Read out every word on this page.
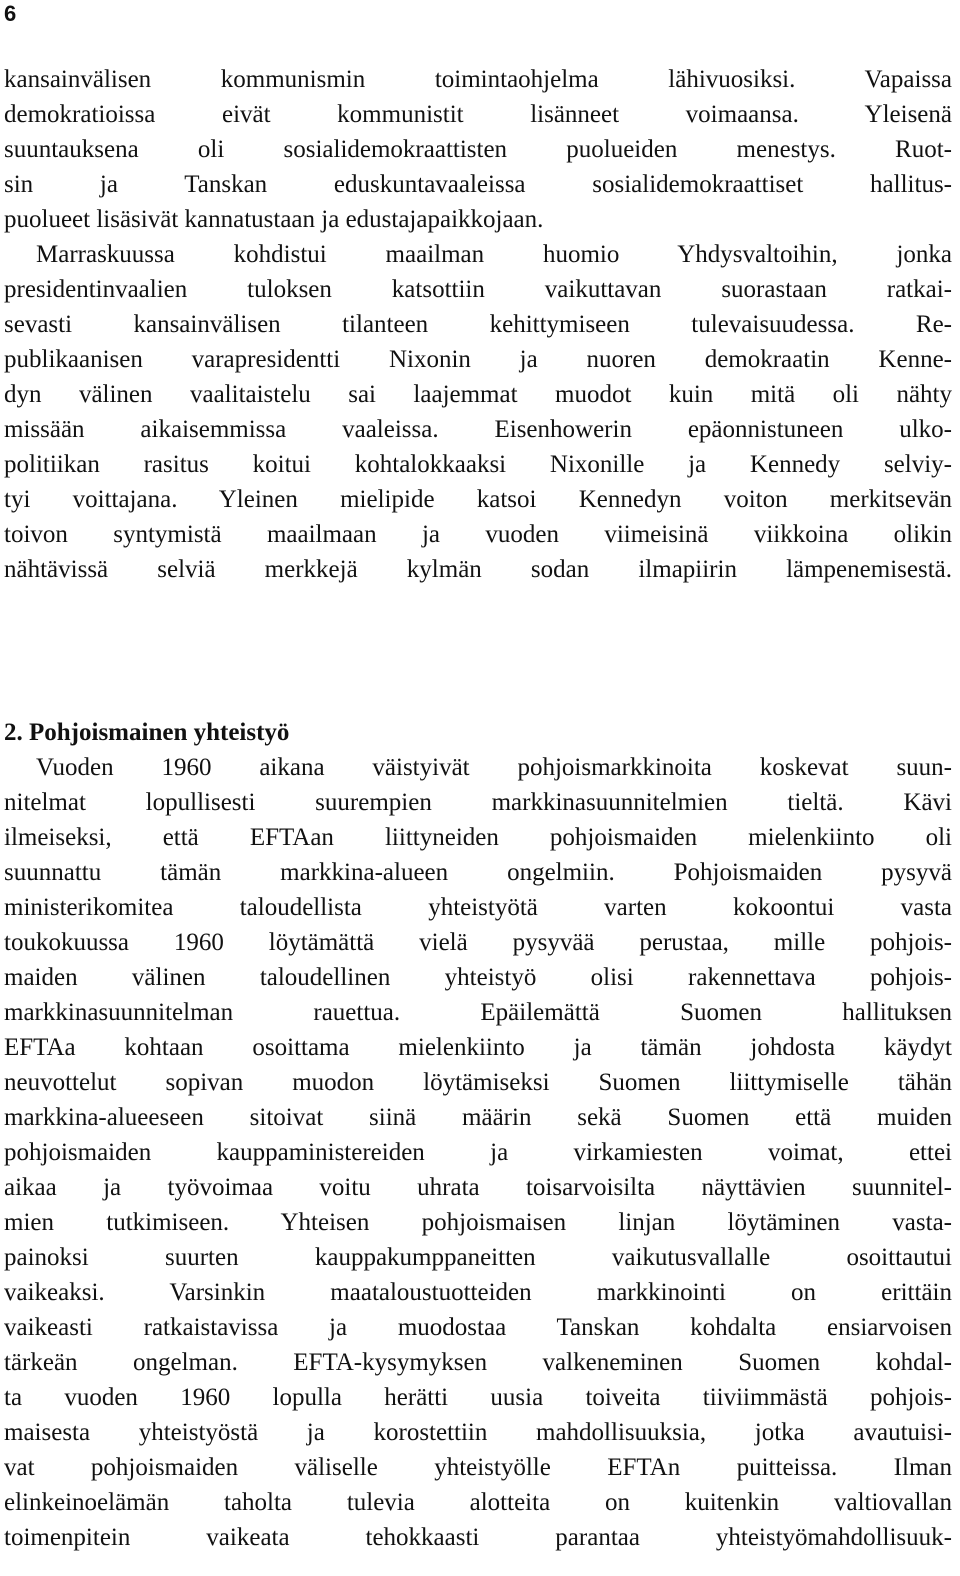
6
kansainvälisen kommunismin toimintaohjelma lähivuosiksi. Vapaissa
demokratioissa eivät kommunistit lisänneet voimaansa. Yleisenä
suuntauksena oli sosialidemokraattisten puolueiden menestys. Ruot-
sin ja Tanskan eduskuntavaaleissa sosialidemokraattiset hallitus-
puolueet lisäsivät kannatustaan ja edustajapaikkojaan.
Marraskuussa kohdistui maailman huomio Yhdysvaltoihin, jonka
presidentinvaalien tuloksen katsottiin vaikuttavan suorastaan ratkai-
sevasti kansainvälisen tilanteen kehittymiseen tulevaisuudessa. Re-
publikaanisen varapresidentti Nixonin ja nuoren demokraatin Kenne-
dyn välinen vaalitaistelu sai laajemmat muodot kuin mitä oli nähty
missään aikaisemmissa vaaleissa. Eisenhowerin epäonnistuneen ulko-
politiikan rasitus koitui kohtalokkaaksi Nixonille ja Kennedy selviy-
tyi voittajana. Yleinen mielipide katsoi Kennedyn voiton merkitsevän
toivon syntymistä maailmaan ja vuoden viimeisinä viikkoina olikin
nähtävissä selviä merkkejä kylmän sodan ilmapiirin lämpenemisestä.
2. Pohjoismainen yhteistyö
Vuoden 1960 aikana väistyivät pohjoismarkkinoita koskevat suun-
nitelmat lopullisesti suurempien markkinasuunnitelmien tieltä. Kävi
ilmeiseksi, että EFTAan liittyneiden pohjoismaiden mielenkiinto oli
suunnattu tämän markkina-alueen ongelmiin. Pohjoismaiden pysyvä
ministerikomitea taloudellista yhteistyötä varten kokoontui vasta
toukokuussa 1960 löytämättä vielä pysyvää perustaa, mille pohjois-
maiden välinen taloudellinen yhteistyö olisi rakennettava pohjois-
markkinasuunnitelman rauettua. Epäilemättä Suomen hallituksen
EFTAa kohtaan osoittama mielenkiinto ja tämän johdosta käydyt
neuvottelut sopivan muodon löytämiseksi Suomen liittymiselle tähän
markkina-alueeseen sitoivat siinä määrin sekä Suomen että muiden
pohjoismaiden kauppaministereiden ja virkamiesten voimat, ettei
aikaa ja työvoimaa voitu uhrata toisarvoisilta näyttävien suunnitel-
mien tutkimiseen. Yhteisen pohjoismaisen linjan löytäminen vasta-
painoksi suurten kauppakumppaneitten vaikutusvallalle osoittautui
vaikeaksi. Varsinkin maataloustuotteiden markkinointi on erittäin
vaikeasti ratkaistavissa ja muodostaa Tanskan kohdalta ensiarvoisen
tärkeän ongelman. EFTA-kysymyksen valkeneminen Suomen kohdal-
ta vuoden 1960 lopulla herätti uusia toiveita tiiviimmästä pohjois-
maisesta yhteistyöstä ja korostettiin mahdollisuuksia, jotka avautuisi-
vat pohjoismaiden väliselle yhteistyölle EFTAn puitteissa. Ilman
elinkeinoelämän taholta tulevia alotteita on kuitenkin valtiovallan
toimenpitein vaikeata tehokkaasti parantaa yhteistyömahdollisuuk-
